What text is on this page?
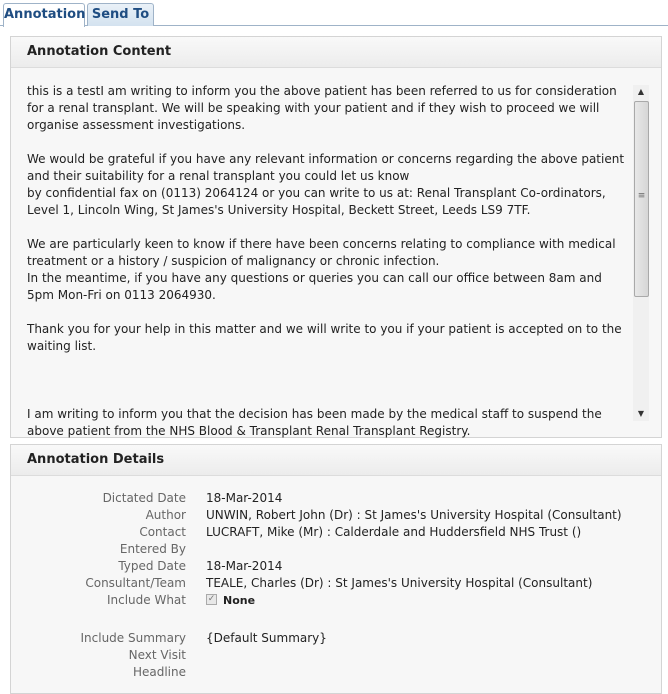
Annotation Send To
Annotation Content

this is a testI am writing to inform you the above patient has been referred to us for consideration for a renal transplant. We will be speaking with your patient and if they wish to proceed we will organise assessment investigations.

We would be grateful if you have any relevant information or concerns regarding the above patient and their suitability for a renal transplant you could let us know
by confidential fax on (0113) 2064124 or you can write to us at: Renal Transplant Co-ordinators, Level 1, Lincoln Wing, St James's University Hospital, Beckett Street, Leeds LS9 7TF.

We are particularly keen to know if there have been concerns relating to compliance with medical treatment or a history / suspicion of malignancy or chronic infection.
In the meantime, if you have any questions or queries you can call our office between 8am and 5pm Mon-Fri on 0113 2064930.

Thank you for your help in this matter and we will write to you if your patient is accepted on to the waiting list.

I am writing to inform you that the decision has been made by the medical staff to suspend the above patient from the NHS Blood & Transplant Renal Transplant Registry.

▲
≡
▼
Annotation Details
Dictated Date 18-Mar-2014
Author UNWIN, Robert John (Dr) : St James's University Hospital (Consultant)
Contact LUCRAFT, Mike (Mr) : Calderdale and Huddersfield NHS Trust ()
Entered By
Typed Date 18-Mar-2014
Consultant/Team TEALE, Charles (Dr) : St James's University Hospital (Consultant)
Include What ✓ None
Include Summary {Default Summary}
Next Visit
Headline
